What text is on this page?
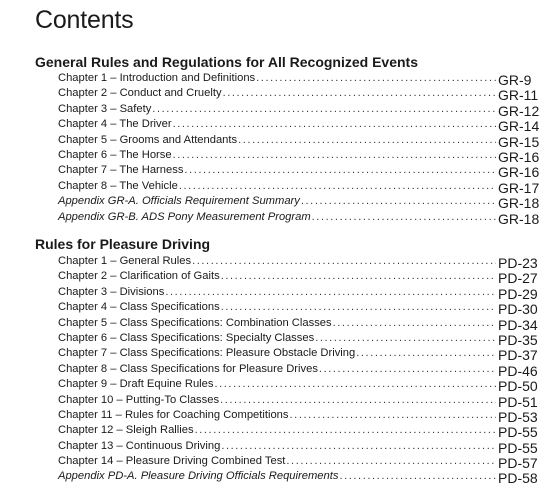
Contents
General Rules and Regulations for All Recognized Events
Chapter 1 – Introduction and Definitions .....	GR-9
Chapter 2 – Conduct and Cruelty .....	GR-11
Chapter 3 – Safety .....	GR-12
Chapter 4 – The Driver .....	GR-14
Chapter 5 – Grooms and Attendants .....	GR-15
Chapter 6 – The Horse .....	GR-16
Chapter 7 – The Harness .....	GR-16
Chapter 8 – The Vehicle .....	GR-17
Appendix GR-A. Officials Requirement Summary .....	GR-18
Appendix GR-B. ADS Pony Measurement Program .....	GR-18
Rules for Pleasure Driving
Chapter 1 – General Rules .....	PD-23
Chapter 2 – Clarification of Gaits .....	PD-27
Chapter 3 – Divisions .....	PD-29
Chapter 4 – Class Specifications .....	PD-30
Chapter 5 – Class Specifications: Combination Classes .....	PD-34
Chapter 6 – Class Specifications: Specialty Classes .....	PD-35
Chapter 7 – Class Specifications: Pleasure Obstacle Driving .....	PD-37
Chapter 8 – Class Specifications for Pleasure Drives .....	PD-46
Chapter 9 – Draft Equine Rules .....	PD-50
Chapter 10 – Putting-To Classes .....	PD-51
Chapter 11 – Rules for Coaching Competitions .....	PD-53
Chapter 12 – Sleigh Rallies .....	PD-55
Chapter 13 – Continuous Driving .....	PD-55
Chapter 14 – Pleasure Driving Combined Test .....	PD-57
Appendix PD-A. Pleasure Driving Officials Requirements .....	PD-58
